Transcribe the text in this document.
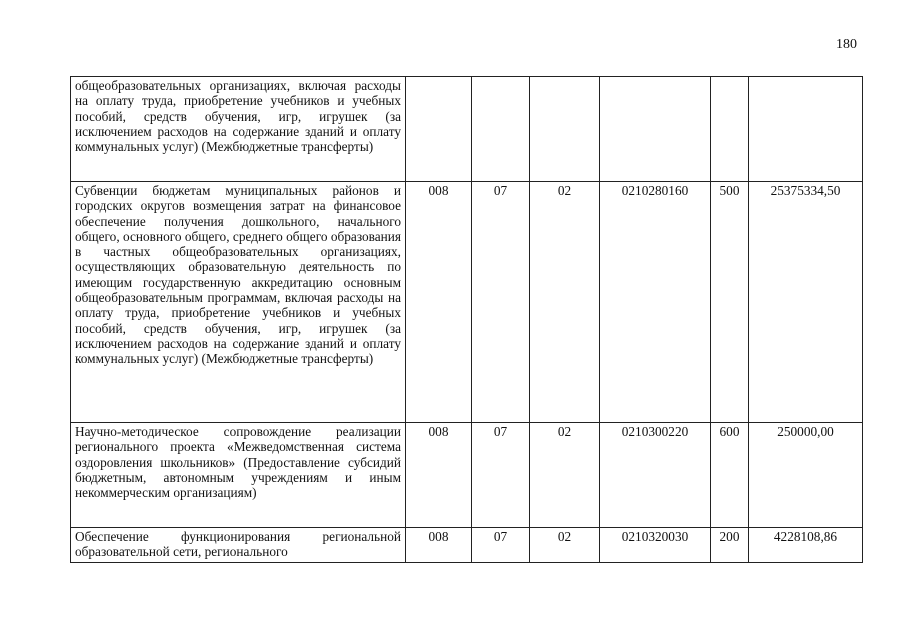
180
общеобразовательных организациях, включая расходы на оплату труда, приобретение учебников и учебных пособий, средств обучения, игр, игрушек (за исключением расходов на содержание зданий и оплату коммунальных услуг) (Межбюджетные трансферты)						
Субвенции бюджетам муниципальных районов и городских округов возмещения затрат на финансовое обеспечение получения дошкольного, начального общего, основного общего, среднего общего образования в частных общеобразовательных организациях, осуществляющих образовательную деятельность по имеющим государственную аккредитацию основным общеобразовательным программам, включая расходы на оплату труда, приобретение учебников и учебных пособий, средств обучения, игр, игрушек (за исключением расходов на содержание зданий и оплату коммунальных услуг) (Межбюджетные трансферты)	008	07	02	0210280160	500	25375334,50
Научно-методическое сопровождение реализации регионального проекта «Межведомственная система оздоровления школьников» (Предоставление субсидий бюджетным, автономным учреждениям и иным некоммерческим организациям)	008	07	02	0210300220	600	250000,00

Обеспечение функционирования региональной образовательной сети, регионального	008	07	02	0210320030	200	4228108,86
